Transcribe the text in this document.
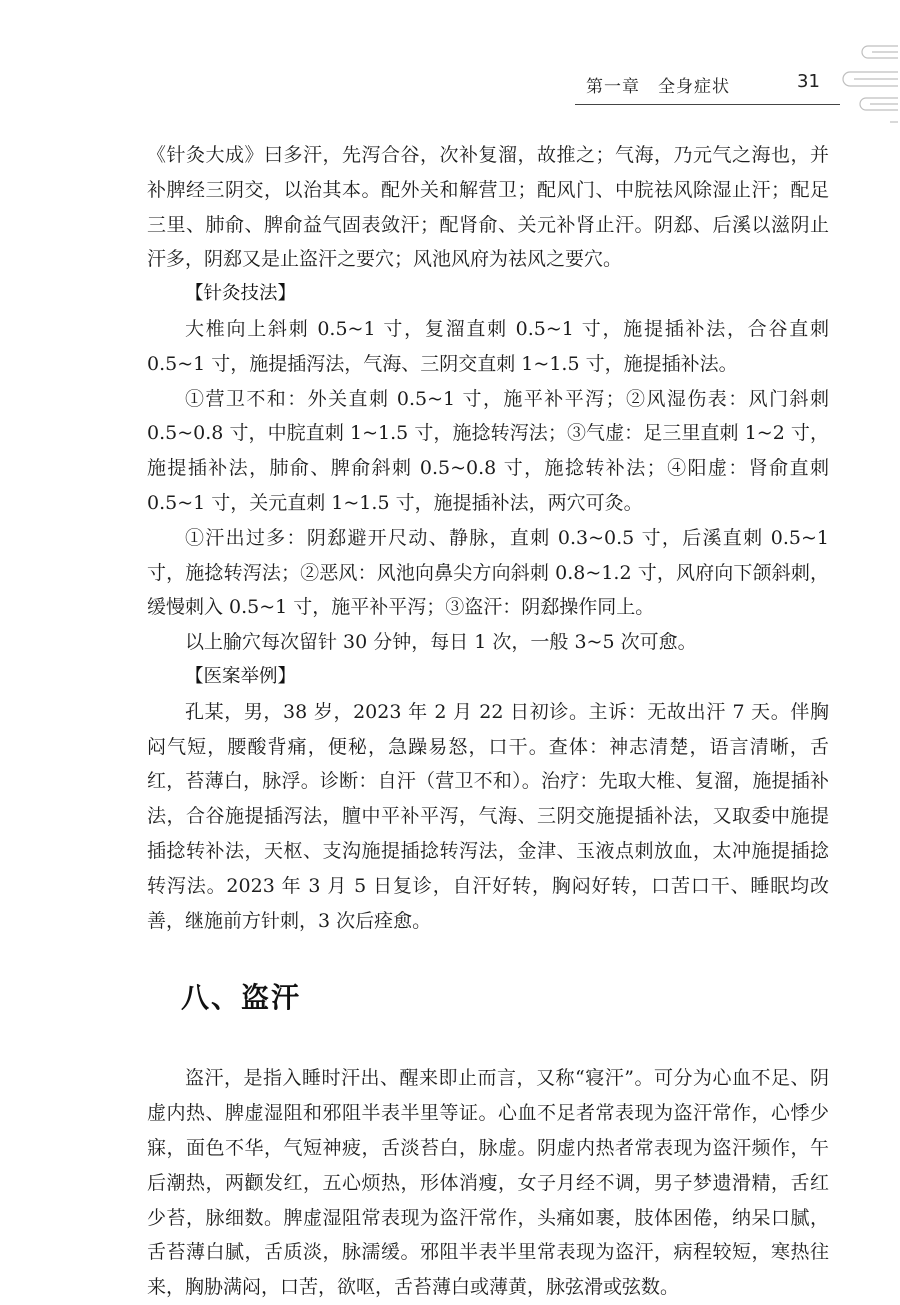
第一章　全身症状	31

《针灸大成》曰多汗，先泻合谷，次补复溜，故推之；气海，乃元气之海也，并补脾经三阴交，以治其本。配外关和解营卫；配风门、中脘祛风除湿止汗；配足三里、肺俞、脾俞益气固表敛汗；配肾俞、关元补肾止汗。阴郄、后溪以滋阴止汗多，阴郄又是止盗汗之要穴；风池风府为祛风之要穴。

【针灸技法】

大椎向上斜刺 0.5~1 寸，复溜直刺 0.5~1 寸，施提插补法，合谷直刺 0.5~1 寸，施提插泻法，气海、三阴交直刺 1~1.5 寸，施提插补法。

①营卫不和：外关直刺 0.5~1 寸，施平补平泻；②风湿伤表：风门斜刺 0.5~0.8 寸，中脘直刺 1~1.5 寸，施捻转泻法；③气虚：足三里直刺 1~2 寸，施提插补法，肺俞、脾俞斜刺 0.5~0.8 寸，施捻转补法；④阳虚：肾俞直刺 0.5~1 寸，关元直刺 1~1.5 寸，施提插补法，两穴可灸。

①汗出过多：阴郄避开尺动、静脉，直刺 0.3~0.5 寸，后溪直刺 0.5~1 寸，施捻转泻法；②恶风：风池向鼻尖方向斜刺 0.8~1.2 寸，风府向下颌斜刺，缓慢刺入 0.5~1 寸，施平补平泻；③盗汗：阴郄操作同上。

以上腧穴每次留针 30 分钟，每日 1 次，一般 3~5 次可愈。

【医案举例】

孔某，男，38 岁，2023 年 2 月 22 日初诊。主诉：无故出汗 7 天。伴胸闷气短，腰酸背痛，便秘，急躁易怒，口干。查体：神志清楚，语言清晰，舌红，苔薄白，脉浮。诊断：自汗（营卫不和）。治疗：先取大椎、复溜，施提插补法，合谷施提插泻法，膻中平补平泻，气海、三阴交施提插补法，又取委中施提插捻转补法，天枢、支沟施提插捻转泻法，金津、玉液点刺放血，太冲施提插捻转泻法。2023 年 3 月 5 日复诊，自汗好转，胸闷好转，口苦口干、睡眠均改善，继施前方针刺，3 次后痊愈。

八、盗汗

盗汗，是指入睡时汗出、醒来即止而言，又称“寝汗”。可分为心血不足、阴虚内热、脾虚湿阻和邪阻半表半里等证。心血不足者常表现为盗汗常作，心悸少寐，面色不华，气短神疲，舌淡苔白，脉虚。阴虚内热者常表现为盗汗频作，午后潮热，两颧发红，五心烦热，形体消瘦，女子月经不调，男子梦遗滑精，舌红少苔，脉细数。脾虚湿阻常表现为盗汗常作，头痛如裹，肢体困倦，纳呆口腻，舌苔薄白腻，舌质淡，脉濡缓。邪阻半表半里常表现为盗汗，病程较短，寒热往来，胸胁满闷，口苦，欲呕，舌苔薄白或薄黄，脉弦滑或弦数。
